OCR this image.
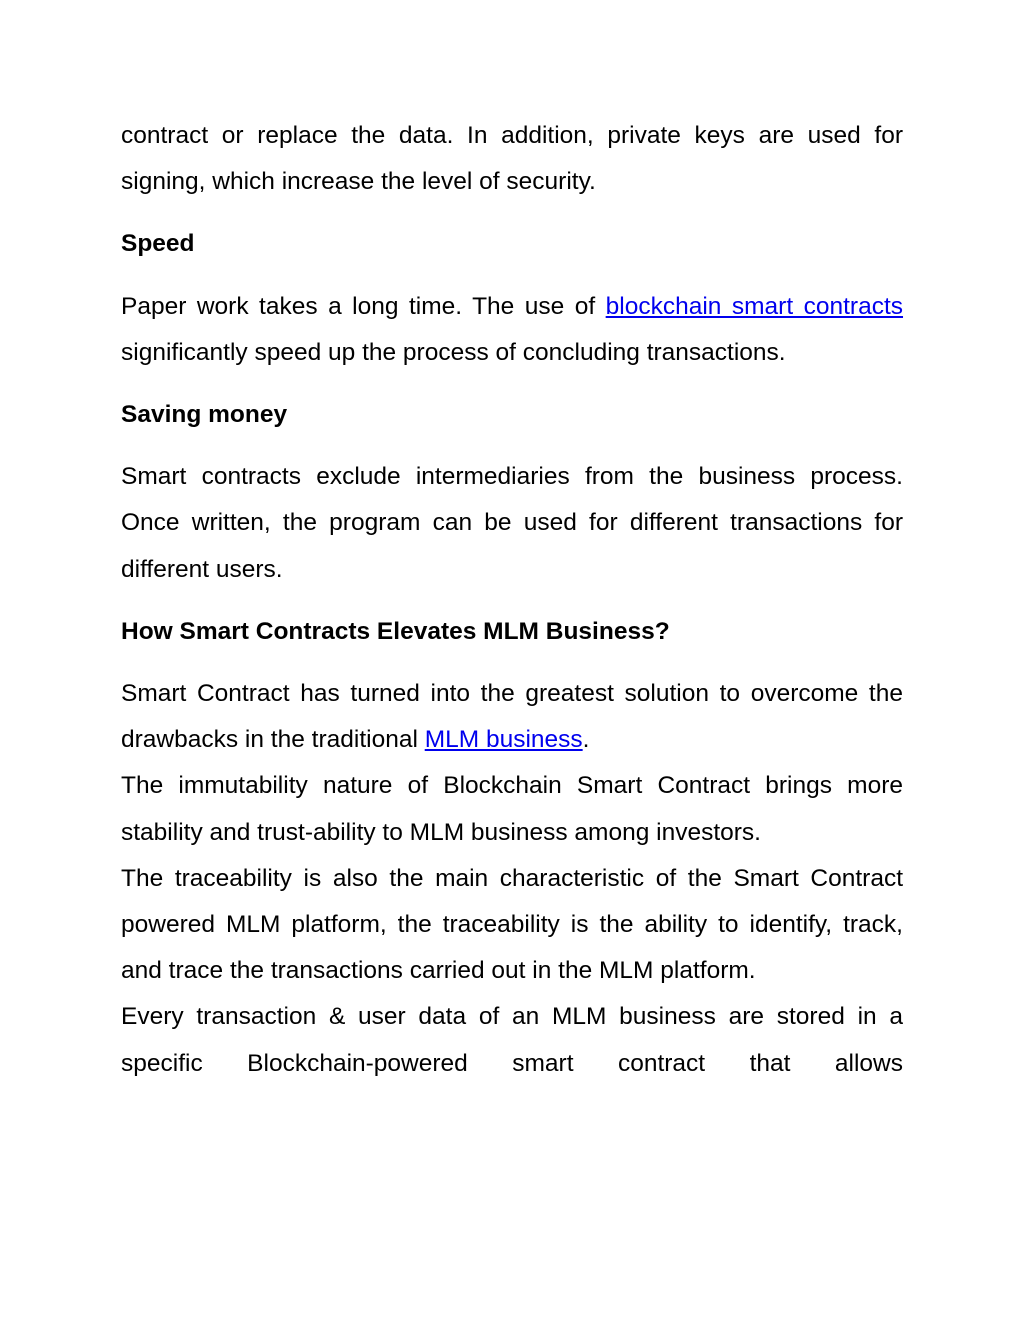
contract or replace the data. In addition, private keys are used for signing, which increase the level of security.

Speed

Paper work takes a long time. The use of blockchain smart contracts significantly speed up the process of concluding transactions.

Saving money

Smart contracts exclude intermediaries from the business process. Once written, the program can be used for different transactions for different users.

How Smart Contracts Elevates MLM Business?

Smart Contract has turned into the greatest solution to overcome the drawbacks in the traditional MLM business.

The immutability nature of Blockchain Smart Contract brings more stability and trust-ability to MLM business among investors.

The traceability is also the main characteristic of the Smart Contract powered MLM platform, the traceability is the ability to identify, track, and trace the transactions carried out in the MLM platform.

Every transaction & user data of an MLM business are stored in a specific Blockchain-powered smart contract that allows
